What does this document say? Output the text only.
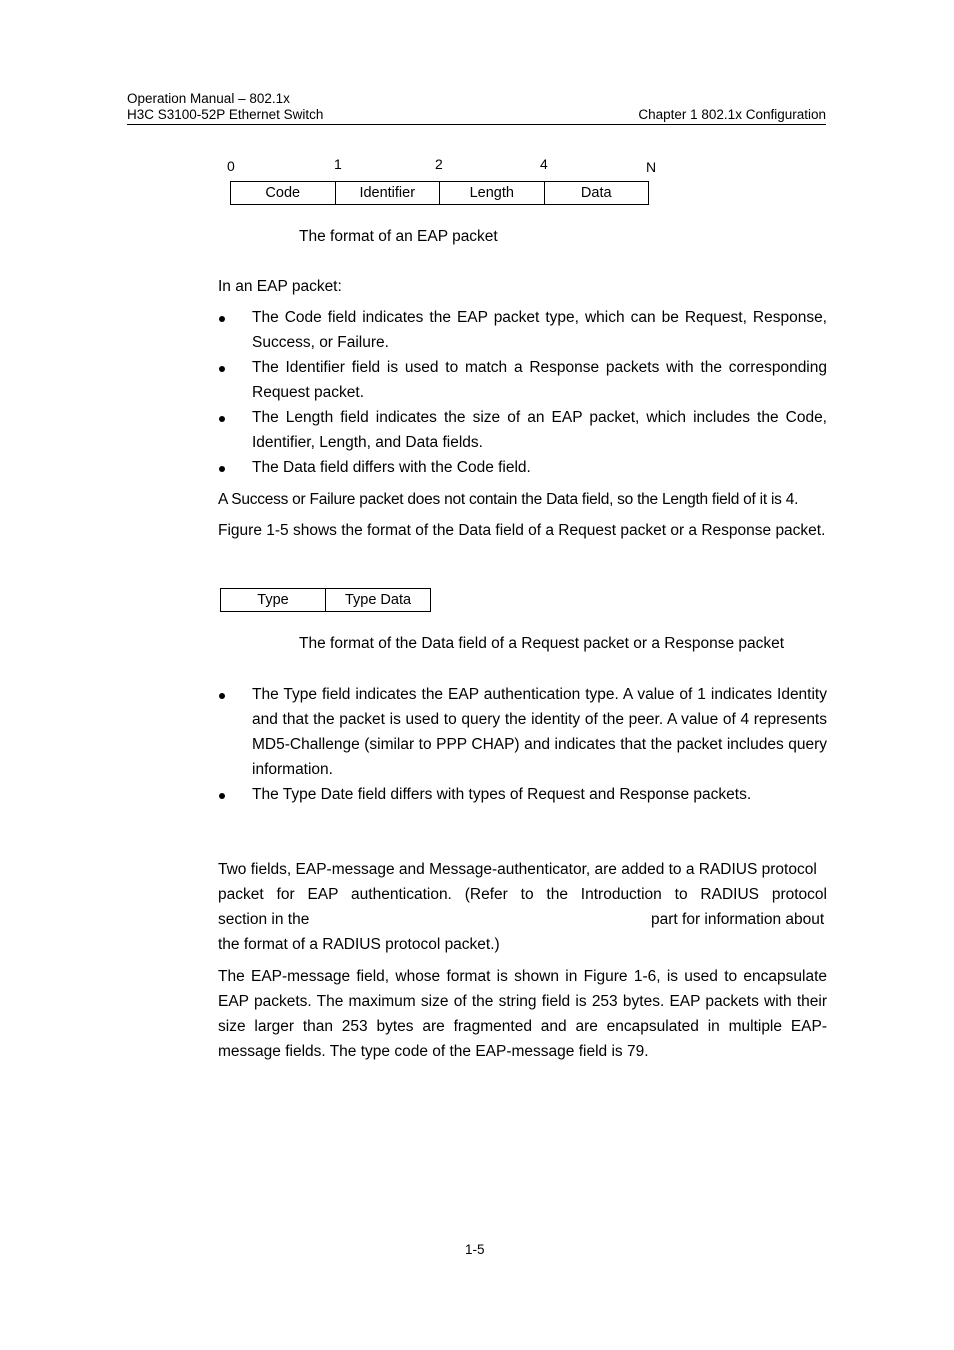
Operation Manual – 802.1x
H3C S3100-52P Ethernet Switch	Chapter 1 802.1x Configuration
0	1	2	4	N
Code	Identifier	Length	Data
The format of an EAP packet
In an EAP packet:
The Code field indicates the EAP packet type, which can be Request, Response, Success, or Failure.
The Identifier field is used to match a Response packets with the corresponding Request packet.
The Length field indicates the size of an EAP packet, which includes the Code, Identifier, Length, and Data fields.
The Data field differs with the Code field.
A Success or Failure packet does not contain the Data field, so the Length field of it is 4.
Figure 1-5 shows the format of the Data field of a Request packet or a Response packet.
Type	Type Data
The format of the Data field of a Request packet or a Response packet
The Type field indicates the EAP authentication type. A value of 1 indicates Identity and that the packet is used to query the identity of the peer. A value of 4 represents MD5-Challenge (similar to PPP CHAP) and indicates that the packet includes query information.
The Type Date field differs with types of Request and Response packets.
Two fields, EAP-message and Message-authenticator, are added to a RADIUS protocol packet for EAP authentication. (Refer to the Introduction to RADIUS protocol
section in the	part for information about
the format of a RADIUS protocol packet.)
The EAP-message field, whose format is shown in Figure 1-6, is used to encapsulate EAP packets. The maximum size of the string field is 253 bytes. EAP packets with their size larger than 253 bytes are fragmented and are encapsulated in multiple EAP-message fields. The type code of the EAP-message field is 79.
1-5
